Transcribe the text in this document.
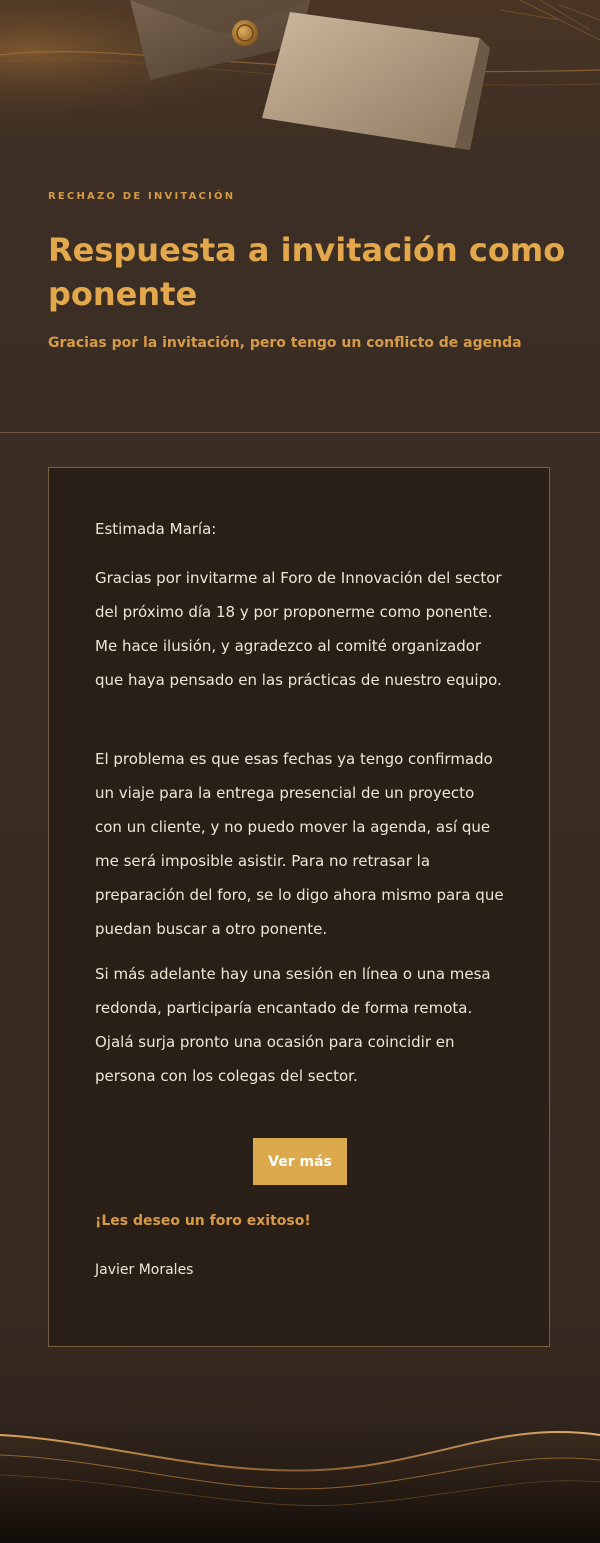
RECHAZO DE INVITACIÓN
Respuesta a invitación como ponente
Gracias por la invitación, pero tengo un conflicto de agenda

Estimada María:

Gracias por invitarme al Foro de Innovación del sector del próximo día 18 y por proponerme como ponente. Me hace ilusión, y agradezco al comité organizador que haya pensado en las prácticas de nuestro equipo.

El problema es que esas fechas ya tengo confirmado un viaje para la entrega presencial de un proyecto con un cliente, y no puedo mover la agenda, así que me será imposible asistir. Para no retrasar la preparación del foro, se lo digo ahora mismo para que puedan buscar a otro ponente.

Si más adelante hay una sesión en línea o una mesa redonda, participaría encantado de forma remota. Ojalá surja pronto una ocasión para coincidir en persona con los colegas del sector.

Ver más
¡Les deseo un foro exitoso!
Javier Morales
